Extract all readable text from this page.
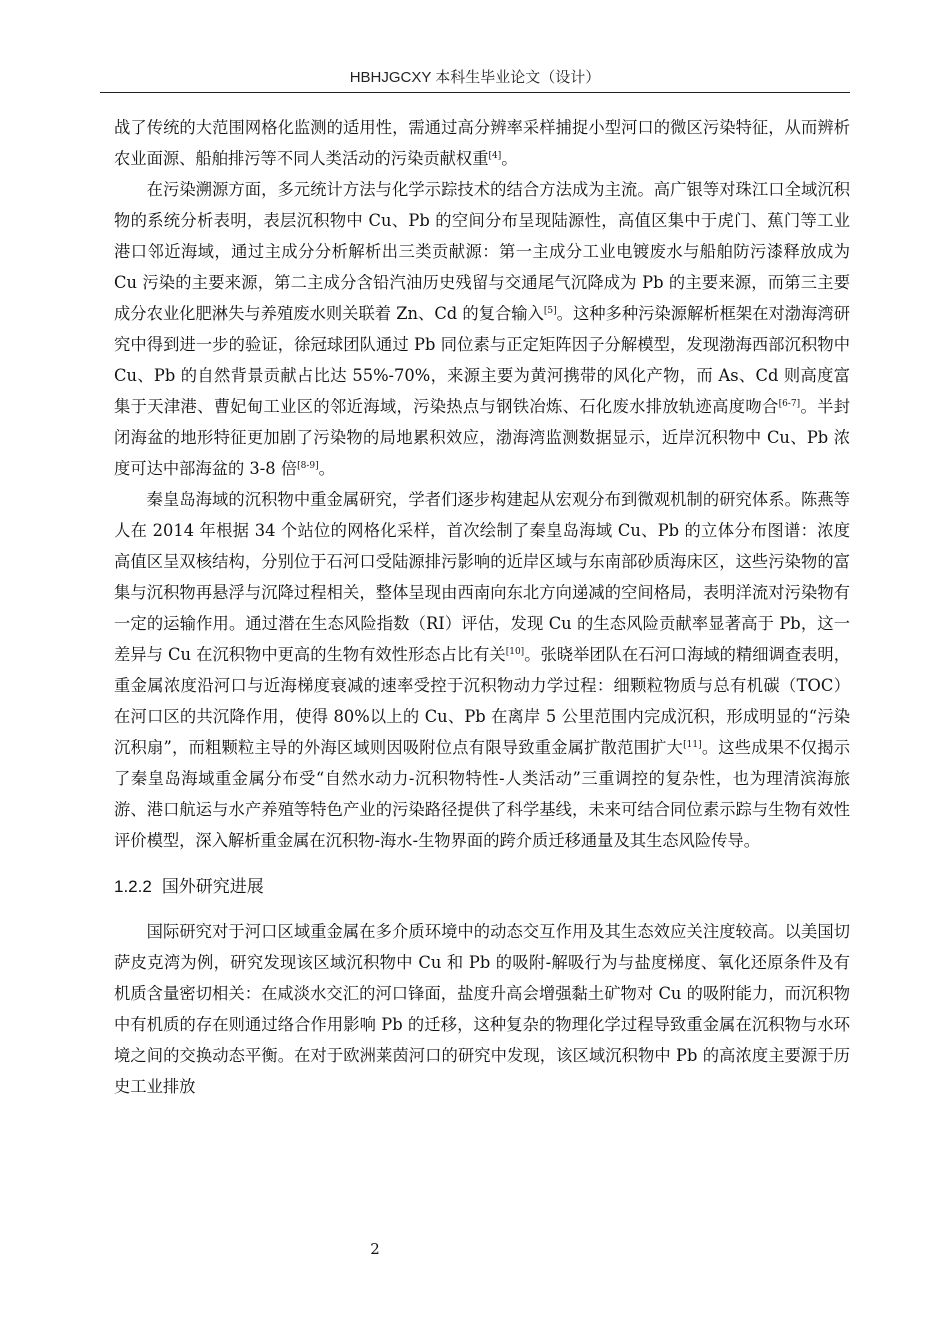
HBHJGCXY 本科生毕业论文（设计）

战了传统的大范围网格化监测的适用性，需通过高分辨率采样捕捉小型河口的微区污染特征，从而辨析农业面源、船舶排污等不同人类活动的污染贡献权重[4]。

在污染溯源方面，多元统计方法与化学示踪技术的结合方法成为主流。高广银等对珠江口全域沉积物的系统分析表明，表层沉积物中 Cu、Pb 的空间分布呈现陆源性，高值区集中于虎门、蕉门等工业港口邻近海域，通过主成分分析解析出三类贡献源：第一主成分工业电镀废水与船舶防污漆释放成为 Cu 污染的主要来源，第二主成分含铅汽油历史残留与交通尾气沉降成为 Pb 的主要来源，而第三主要成分农业化肥淋失与养殖废水则关联着 Zn、Cd 的复合输入[5]。这种多种污染源解析框架在对渤海湾研究中得到进一步的验证，徐冠球团队通过 Pb 同位素与正定矩阵因子分解模型，发现渤海西部沉积物中 Cu、Pb 的自然背景贡献占比达 55%-70%，来源主要为黄河携带的风化产物，而 As、Cd 则高度富集于天津港、曹妃甸工业区的邻近海域，污染热点与钢铁冶炼、石化废水排放轨迹高度吻合[6-7]。半封闭海盆的地形特征更加剧了污染物的局地累积效应，渤海湾监测数据显示，近岸沉积物中 Cu、Pb 浓度可达中部海盆的 3-8 倍[8-9]。

秦皇岛海域的沉积物中重金属研究，学者们逐步构建起从宏观分布到微观机制的研究体系。陈燕等人在 2014 年根据 34 个站位的网格化采样，首次绘制了秦皇岛海域 Cu、Pb 的立体分布图谱：浓度高值区呈双核结构，分别位于石河口受陆源排污影响的近岸区域与东南部砂质海床区，这些污染物的富集与沉积物再悬浮与沉降过程相关，整体呈现由西南向东北方向递减的空间格局，表明洋流对污染物有一定的运输作用。通过潜在生态风险指数（RI）评估，发现 Cu 的生态风险贡献率显著高于 Pb，这一差异与 Cu 在沉积物中更高的生物有效性形态占比有关[10]。张晓举团队在石河口海域的精细调查表明，重金属浓度沿河口与近海梯度衰减的速率受控于沉积物动力学过程：细颗粒物质与总有机碳（TOC）在河口区的共沉降作用，使得 80%以上的 Cu、Pb 在离岸 5 公里范围内完成沉积，形成明显的“污染沉积扇”，而粗颗粒主导的外海区域则因吸附位点有限导致重金属扩散范围扩大[11]。这些成果不仅揭示了秦皇岛海域重金属分布受“自然水动力-沉积物特性-人类活动”三重调控的复杂性，也为理清滨海旅游、港口航运与水产养殖等特色产业的污染路径提供了科学基线，未来可结合同位素示踪与生物有效性评价模型，深入解析重金属在沉积物-海水-生物界面的跨介质迁移通量及其生态风险传导。

1.2.2 国外研究进展

国际研究对于河口区域重金属在多介质环境中的动态交互作用及其生态效应关注度较高。以美国切萨皮克湾为例，研究发现该区域沉积物中 Cu 和 Pb 的吸附-解吸行为与盐度梯度、氧化还原条件及有机质含量密切相关：在咸淡水交汇的河口锋面，盐度升高会增强黏土矿物对 Cu 的吸附能力，而沉积物中有机质的存在则通过络合作用影响 Pb 的迁移，这种复杂的物理化学过程导致重金属在沉积物与水环境之间的交换动态平衡。在对于欧洲莱茵河口的研究中发现，该区域沉积物中 Pb 的高浓度主要源于历史工业排放

2
